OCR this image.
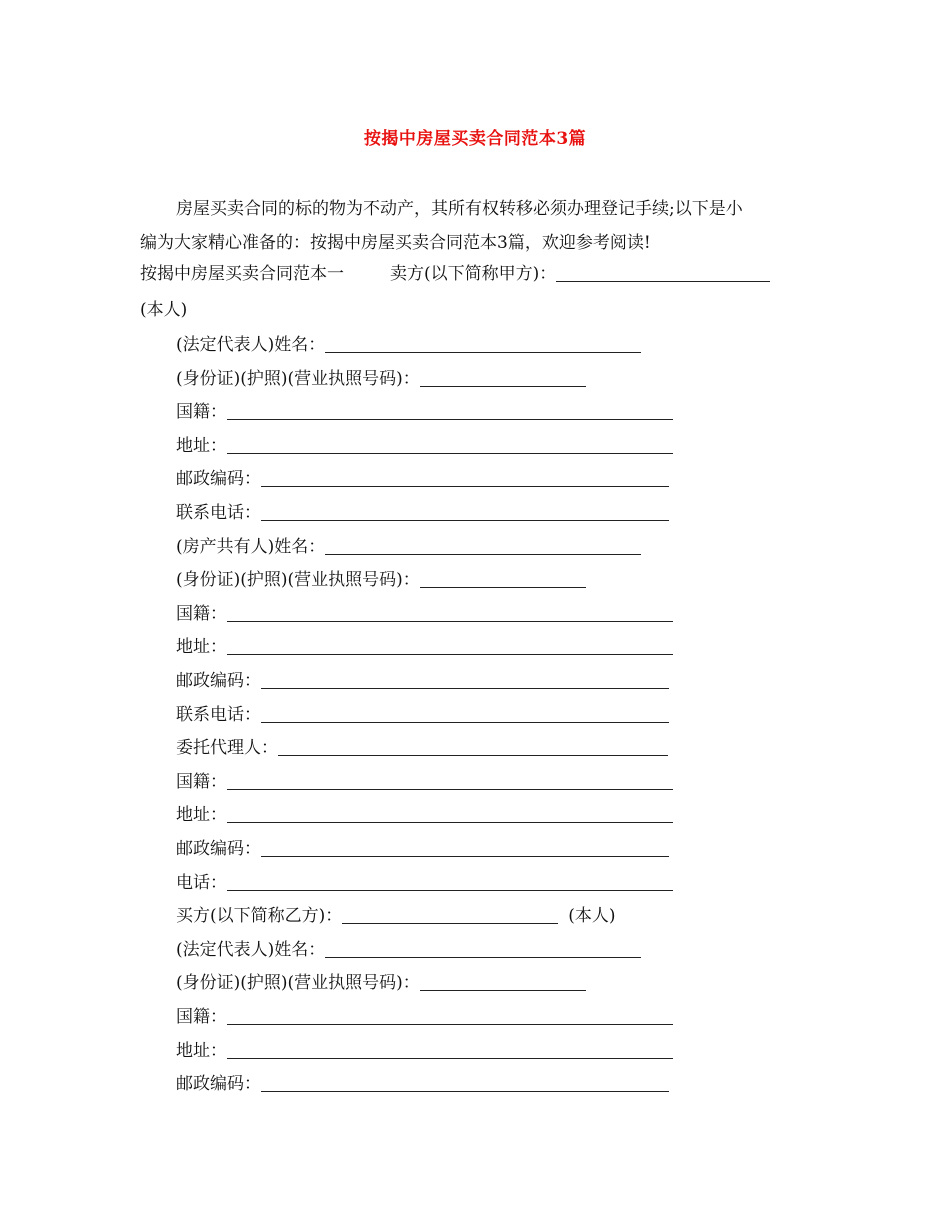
按揭中房屋买卖合同范本3篇
房屋买卖合同的标的物为不动产，其所有权转移必须办理登记手续;以下是小
编为大家精心准备的：按揭中房屋买卖合同范本3篇，欢迎参考阅读!
按揭中房屋买卖合同范本一	卖方(以下简称甲方)：
(本人)
(法定代表人)姓名：
(身份证)(护照)(营业执照号码)：
国籍：
地址：
邮政编码：
联系电话：
(房产共有人)姓名：
(身份证)(护照)(营业执照号码)：
国籍：
地址：
邮政编码：
联系电话：
委托代理人：
国籍：
地址：
邮政编码：
电话：
买方(以下简称乙方)：	(本人)
(法定代表人)姓名：
(身份证)(护照)(营业执照号码)：
国籍：
地址：
邮政编码：
